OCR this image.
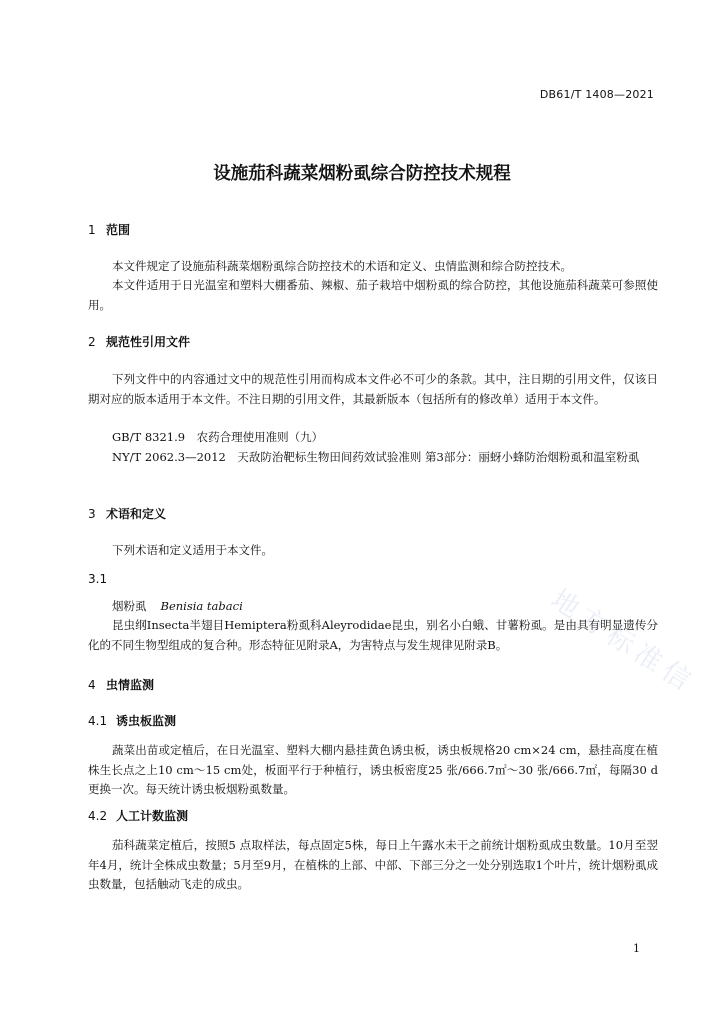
DB61/T 1408—2021
设施茄科蔬菜烟粉虱综合防控技术规程
1 范围
本文件规定了设施茄科蔬菜烟粉虱综合防控技术的术语和定义、虫情监测和综合防控技术。
本文件适用于日光温室和塑料大棚番茄、辣椒、茄子栽培中烟粉虱的综合防控，其他设施茄科蔬菜可参照使用。
2 规范性引用文件
下列文件中的内容通过文中的规范性引用而构成本文件必不可少的条款。其中，注日期的引用文件，仅该日期对应的版本适用于本文件。不注日期的引用文件，其最新版本（包括所有的修改单）适用于本文件。
GB/T 8321.9　农药合理使用准则（九）
NY/T 2062.3—2012　天敌防治靶标生物田间药效试验准则 第3部分：丽蚜小蜂防治烟粉虱和温室粉虱
3 术语和定义
下列术语和定义适用于本文件。
3.1
烟粉虱 Benisia tabaci
昆虫纲Insecta半翅目Hemiptera粉虱科Aleyrodidae昆虫，别名小白蛾、甘薯粉虱。是由具有明显遗传分化的不同生物型组成的复合种。形态特征见附录A，为害特点与发生规律见附录B。
4 虫情监测
4.1 诱虫板监测
蔬菜出苗或定植后，在日光温室、塑料大棚内悬挂黄色诱虫板，诱虫板规格20 cm×24 cm，悬挂高度在植株生长点之上10 cm～15 cm处，板面平行于种植行，诱虫板密度25 张/666.7㎡～30 张/666.7㎡，每隔30 d更换一次。每天统计诱虫板烟粉虱数量。
4.2 人工计数监测
茄科蔬菜定植后，按照5 点取样法，每点固定5株，每日上午露水未干之前统计烟粉虱成虫数量。10月至翌年4月，统计全株成虫数量；5月至9月，在植株的上部、中部、下部三分之一处分别选取1个叶片，统计烟粉虱成虫数量，包括触动飞走的成虫。
1
地方标准信
